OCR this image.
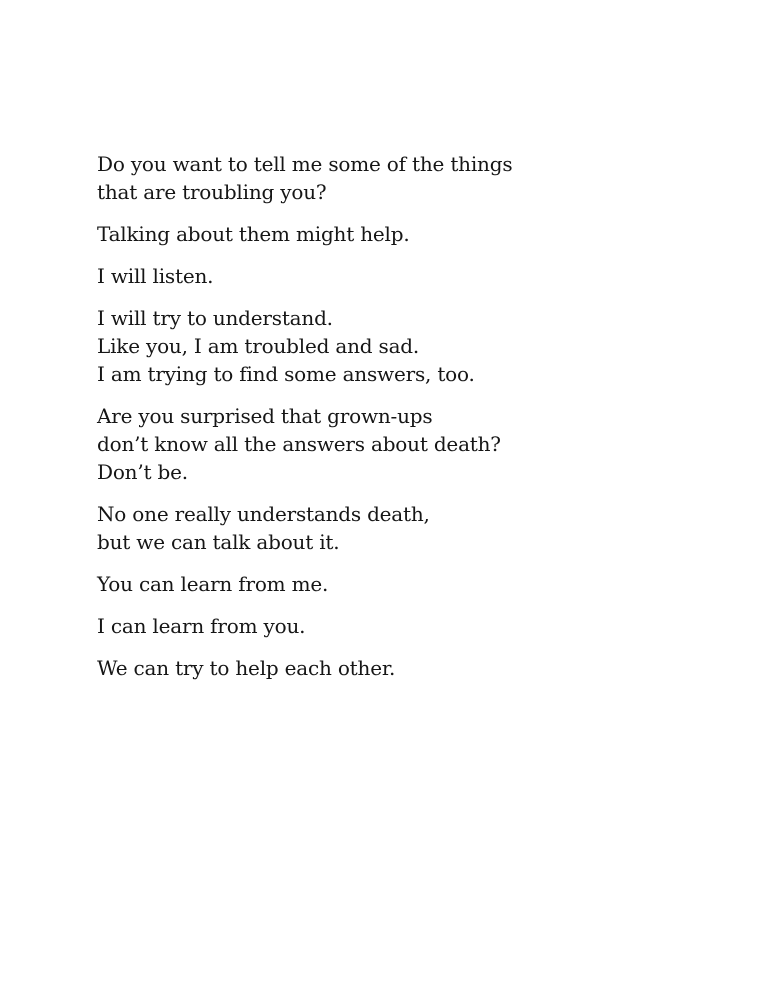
Do you want to tell me some of the things
that are troubling you?

Talking about them might help.

I will listen.

I will try to understand.
Like you, I am troubled and sad.
I am trying to find some answers, too.

Are you surprised that grown-ups
don’t know all the answers about death?
Don’t be.

No one really understands death,
but we can talk about it.

You can learn from me.

I can learn from you.

We can try to help each other.
